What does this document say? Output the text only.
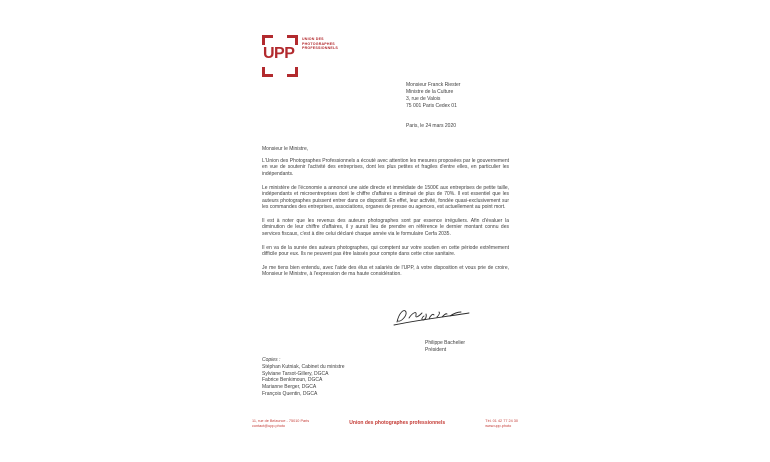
UPP
UNION DES
PHOTOGRAPHES
PROFESSIONNELS
Monsieur Franck Riester
Ministre de la Culture
3, rue de Valois
75 001 Paris Cedex 01
Paris, le 24 mars 2020
Monsieur le Ministre,

L'Union des Photographes Professionnels a écouté avec attention les mesures proposées par le gouvernement en vue de soutenir l'activité des entreprises, dont les plus petites et fragiles d'entre elles, en particulier les indépendants.

Le ministère de l'économie a annoncé une aide directe et immédiate de 1500€ aux entreprises de petite taille, indépendants et microentreprises dont le chiffre d'affaires a diminué de plus de 70%. Il est essentiel que les auteurs photographes puissent entrer dans ce dispositif. En effet, leur activité, fondée quasi-exclusivement sur les commandes des entreprises, associations, organes de presse ou agences, est actuellement au point mort.

Il est à noter que les revenus des auteurs photographes sont par essence irréguliers. Afin d'évaluer la diminution de leur chiffre d'affaires, il y aurait lieu de prendre en référence le dernier montant connu des services fiscaux, c'est à dire celui déclaré chaque année via le formulaire Cerfa 2035.

Il en va de la survie des auteurs photographes, qui comptent sur votre soutien en cette période extrêmement difficile pour eux. Ils ne peuvent pas être laissés pour compte dans cette crise sanitaire.

Je me tiens bien entendu, avec l'aide des élus et salariés de l'UPP, à votre disposition et vous prie de croire, Monsieur le Ministre, à l'expression de ma haute considération.

Philippe Bachelier
Président
Copies :
Stéphan Kutniak, Cabinet du ministre
Sylviane Tarsot-Gillery, DGCA
Fabrice Benkimoun, DGCA
Marianne Berger, DGCA
François Quentin, DGCA
11, rue de Belzunce - 75010 Paris
contact@upp.photo
Union des photographes professionnels	Tél. 01 42 77 24 30
www.upp.photo
